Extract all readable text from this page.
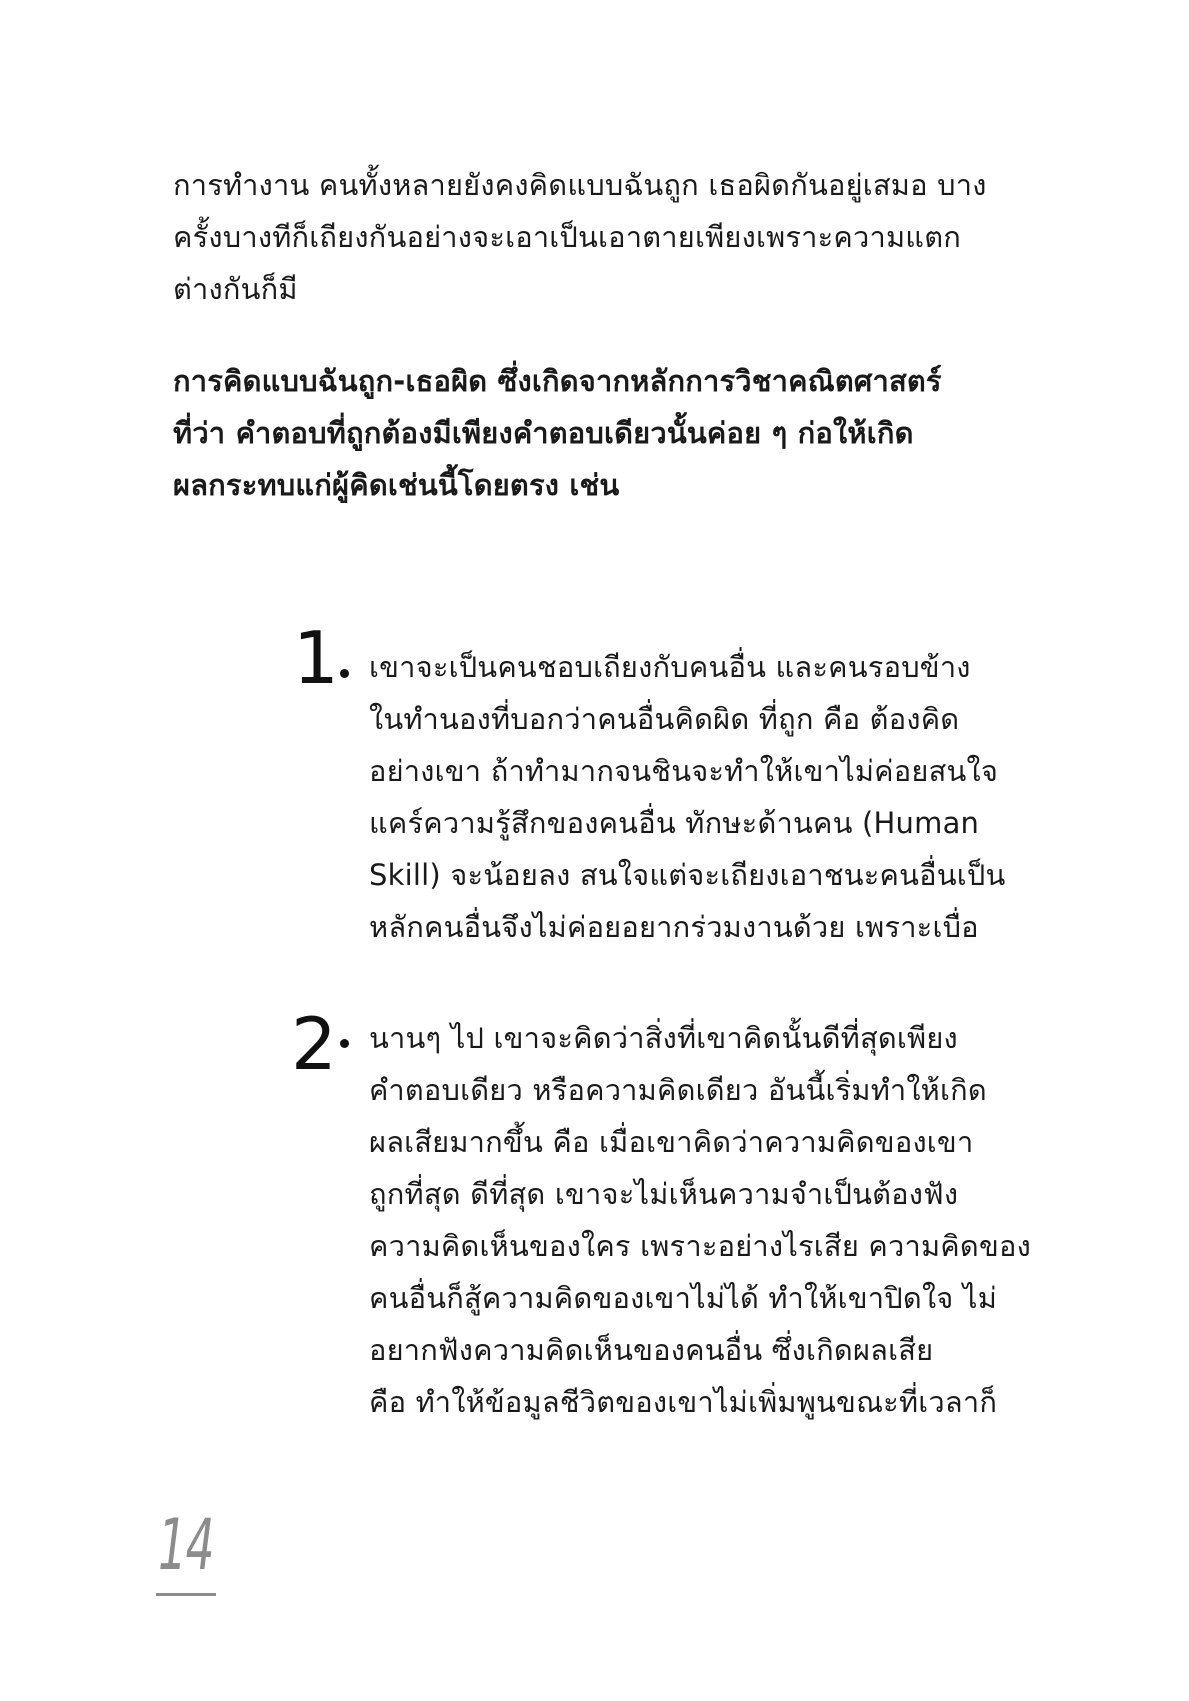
การทำงาน คนทั้งหลายยังคงคิดแบบฉันถูก เธอผิดกันอยู่เสมอ บาง
ครั้งบางทีก็เถียงกันอย่างจะเอาเป็นเอาตายเพียงเพราะความแตก
ต่างกันก็มี
การคิดแบบฉันถูก-เธอผิด ซึ่งเกิดจากหลักการวิชาคณิตศาสตร์
ที่ว่า คำตอบที่ถูกต้องมีเพียงคำตอบเดียวนั้นค่อย ๆ ก่อให้เกิด
ผลกระทบแก่ผู้คิดเช่นนี้โดยตรง เช่น
1 เขาจะเป็นคนชอบเถียงกับคนอื่น และคนรอบข้าง
ในทำนองที่บอกว่าคนอื่นคิดผิด ที่ถูก คือ ต้องคิด
อย่างเขา ถ้าทำมากจนชินจะทำให้เขาไม่ค่อยสนใจ
แคร์ความรู้สึกของคนอื่น ทักษะด้านคน (Human
Skill) จะน้อยลง สนใจแต่จะเถียงเอาชนะคนอื่นเป็น
หลักคนอื่นจึงไม่ค่อยอยากร่วมงานด้วย เพราะเบื่อ
2 นานๆ ไป เขาจะคิดว่าสิ่งที่เขาคิดนั้นดีที่สุดเพียง
คำตอบเดียว หรือความคิดเดียว อันนี้เริ่มทำให้เกิด
ผลเสียมากขึ้น คือ เมื่อเขาคิดว่าความคิดของเขา
ถูกที่สุด ดีที่สุด เขาจะไม่เห็นความจำเป็นต้องฟัง
ความคิดเห็นของใคร เพราะอย่างไรเสีย ความคิดของ
คนอื่นก็สู้ความคิดของเขาไม่ได้ ทำให้เขาปิดใจ ไม่
อยากฟังความคิดเห็นของคนอื่น ซึ่งเกิดผลเสีย
คือ ทำให้ข้อมูลชีวิตของเขาไม่เพิ่มพูนขณะที่เวลาก็
14
